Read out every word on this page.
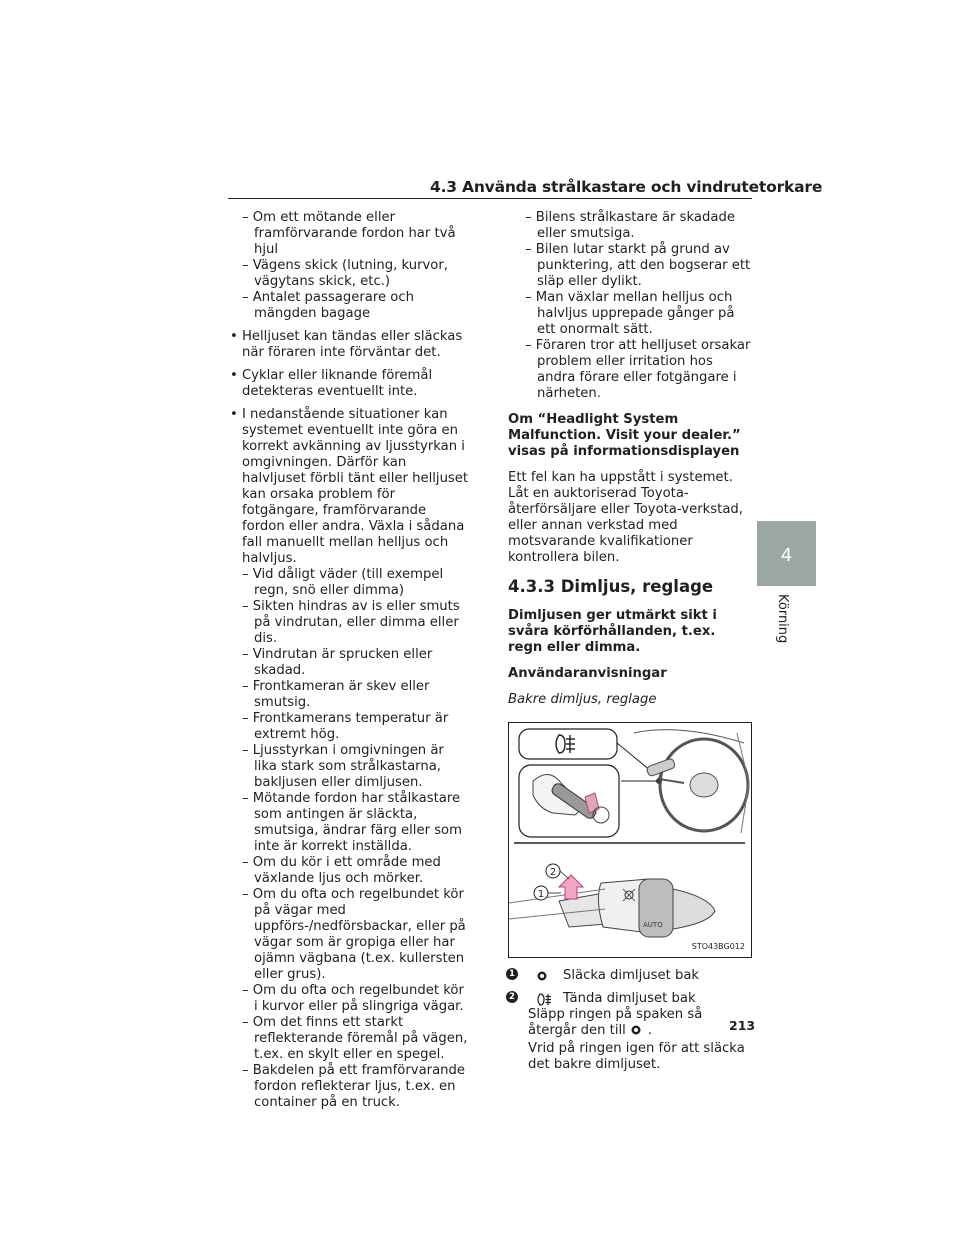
4.3 Använda strålkastare och vindrutetorkare
4
Körning

– Om ett mötande eller framförvarande fordon har två hjul

– Vägens skick (lutning, kurvor, vägytans skick, etc.)

– Antalet passagerare och mängden bagage

• Helljuset kan tändas eller släckas när föraren inte förväntar det.

• Cyklar eller liknande föremål detekteras eventuellt inte.

• I nedanstående situationer kan systemet eventuellt inte göra en korrekt avkänning av ljusstyrkan i omgivningen. Därför kan halvljuset förbli tänt eller helljuset kan orsaka problem för fotgängare, framförvarande fordon eller andra. Växla i sådana fall manuellt mellan helljus och halvljus.

– Vid dåligt väder (till exempel regn, snö eller dimma)

– Sikten hindras av is eller smuts på vindrutan, eller dimma eller dis.

– Vindrutan är sprucken eller skadad.

– Frontkameran är skev eller smutsig.

– Frontkamerans temperatur är extremt hög.

– Ljusstyrkan i omgivningen är lika stark som strålkastarna, bakljusen eller dimljusen.

– Mötande fordon har stålkastare som antingen är släckta, smutsiga, ändrar färg eller som inte är korrekt inställda.

– Om du kör i ett område med växlande ljus och mörker.

– Om du ofta och regelbundet kör på vägar med uppförs-/nedförsbackar, eller på vägar som är gropiga eller har ojämn vägbana (t.ex. kullersten eller grus).

– Om du ofta och regelbundet kör i kurvor eller på slingriga vägar.

– Om det finns ett starkt reflekterande föremål på vägen, t.ex. en skylt eller en spegel.

– Bakdelen på ett framförvarande fordon reflekterar ljus, t.ex. en container på en truck.

– Bilens strålkastare är skadade eller smutsiga.

– Bilen lutar starkt på grund av punktering, att den bogserar ett släp eller dylikt.

– Man växlar mellan helljus och halvljus upprepade gånger på ett onormalt sätt.

– Föraren tror att helljuset orsakar problem eller irritation hos andra förare eller fotgängare i närheten.

Om “Headlight System Malfunction. Visit your dealer.” visas på informationsdisplayen

Ett fel kan ha uppstått i systemet. Låt en auktoriserad Toyota-återförsäljare eller Toyota-verkstad, eller annan verkstad med motsvarande kvalifikationer kontrollera bilen.

4.3.3 Dimljus, reglage

Dimljusen ger utmärkt sikt i svåra körförhållanden, t.ex. regn eller dimma.

Användaranvisningar

Bakre dimljus, reglage

AUTO
2
1
STO43BG012

1	Släcka dimljuset bak

2	Tända dimljuset bak

Släpp ringen på spaken så återgår den till .

Vrid på ringen igen för att släcka det bakre dimljuset.

213
